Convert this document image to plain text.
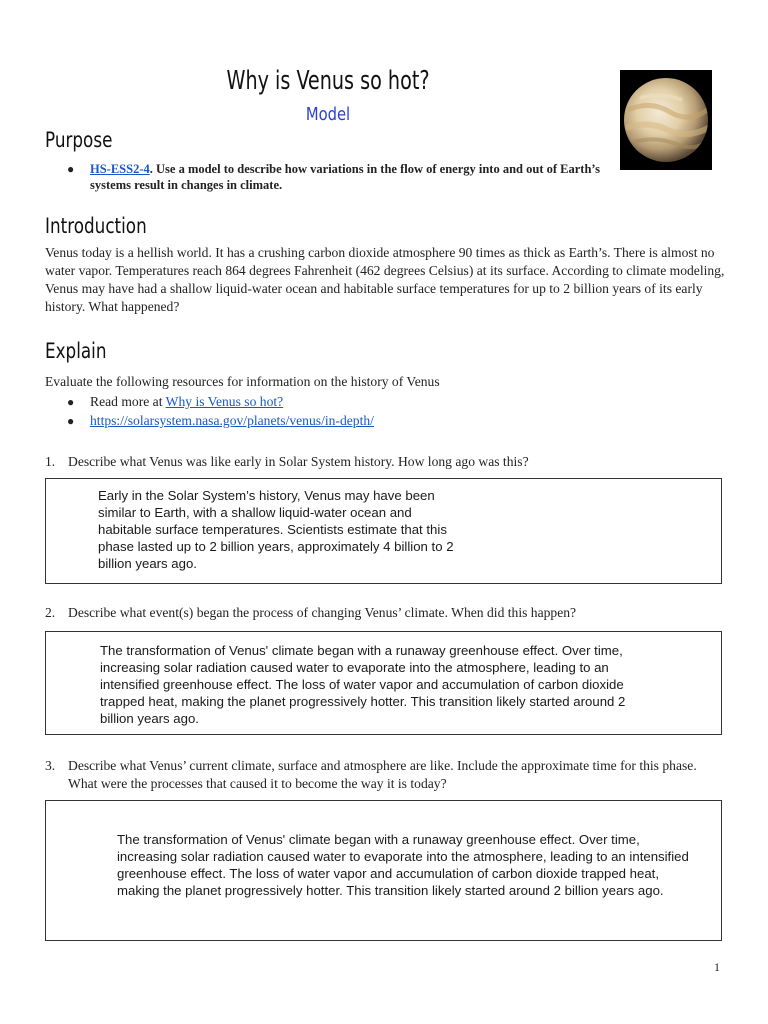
Why is Venus so hot?
Model
Purpose
● HS-ESS2-4. Use a model to describe how variations in the flow of energy into and out of Earth’s systems result in changes in climate.
Introduction

Venus today is a hellish world. It has a crushing carbon dioxide atmosphere 90 times as thick as Earth’s. There is almost no water vapor. Temperatures reach 864 degrees Fahrenheit (462 degrees Celsius) at its surface. According to climate modeling, Venus may have had a shallow liquid-water ocean and habitable surface temperatures for up to 2 billion years of its early history. What happened?

Explain

Evaluate the following resources for information on the history of Venus

● Read more at Why is Venus so hot?
● https://solarsystem.nasa.gov/planets/venus/in-depth/
1. Describe what Venus was like early in Solar System history. How long ago was this?
Early in the Solar System’s history, Venus may have been similar to Earth, with a shallow liquid-water ocean and habitable surface temperatures. Scientists estimate that this phase lasted up to 2 billion years, approximately 4 billion to 2 billion years ago.
2. Describe what event(s) began the process of changing Venus’ climate. When did this happen?
The transformation of Venus' climate began with a runaway greenhouse effect. Over time, increasing solar radiation caused water to evaporate into the atmosphere, leading to an intensified greenhouse effect. The loss of water vapor and accumulation of carbon dioxide trapped heat, making the planet progressively hotter. This transition likely started around 2 billion years ago.
3. Describe what Venus’ current climate, surface and atmosphere are like. Include the approximate time for this phase. What were the processes that caused it to become the way it is today?
The transformation of Venus' climate began with a runaway greenhouse effect. Over time, increasing solar radiation caused water to evaporate into the atmosphere, leading to an intensified greenhouse effect. The loss of water vapor and accumulation of carbon dioxide trapped heat, making the planet progressively hotter. This transition likely started around 2 billion years ago.
1
